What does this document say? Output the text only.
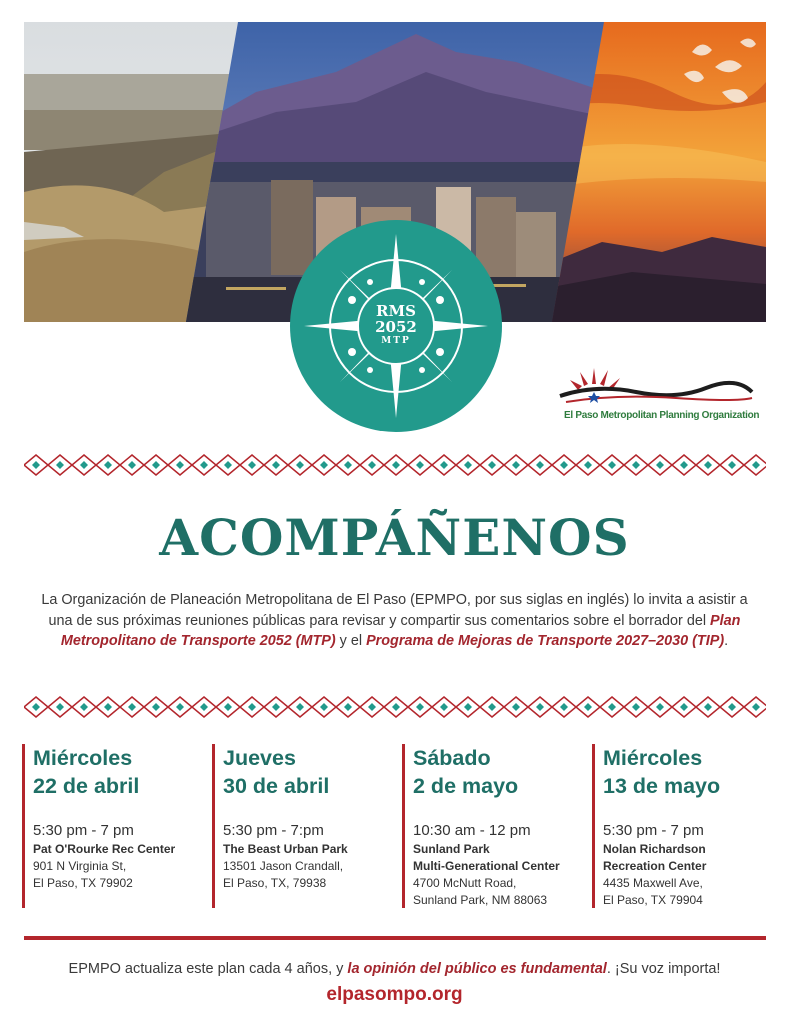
RMS
2052
MTP
El Paso Metropolitan Planning Organization
ACOMPÁÑENOS
La Organización de Planeación Metropolitana de El Paso (EPMPO, por sus siglas en inglés) lo invita a asistir a una de sus próximas reuniones públicas para revisar y compartir sus comentarios sobre el borrador del Plan Metropolitano de Transporte 2052 (MTP) y el Programa de Mejoras de Transporte 2027–2030 (TIP).
Miércoles
22 de abril
5:30 pm - 7 pm
Pat O'Rourke Rec Center
901 N Virginia St,
El Paso, TX 79902
Jueves
30 de abril
5:30 pm - 7:pm
The Beast Urban Park
13501 Jason Crandall,
El Paso, TX, 79938
Sábado
2 de mayo
10:30 am - 12 pm
Sunland Park
Multi-Generational Center
4700 McNutt Road,
Sunland Park, NM 88063
Miércoles
13 de mayo
5:30 pm - 7 pm
Nolan Richardson
Recreation Center
4435 Maxwell Ave,
El Paso, TX 79904
EPMPO actualiza este plan cada 4 años, y la opinión del público es fundamental. ¡Su voz importa!
elpasompo.org
